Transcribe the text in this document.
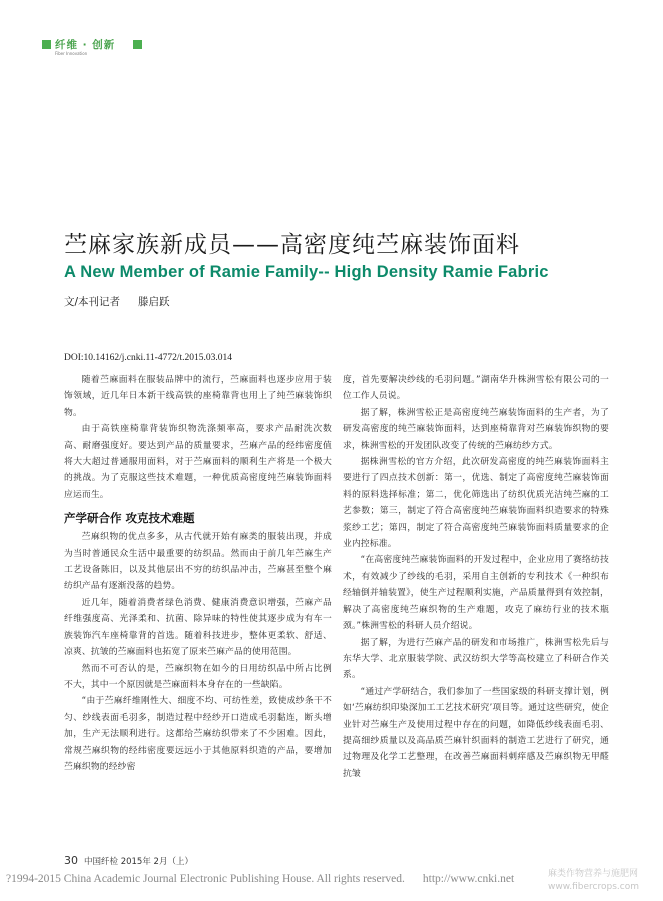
纤维 · 创新
Fiber Innovation
苎麻家族新成员——高密度纯苎麻装饰面料
A New Member of Ramie Family-- High Density Ramie Fabric
文/本刊记者 滕启跃
DOI:10.14162/j.cnki.11-4772/t.2015.03.014

随着苎麻面料在服装品牌中的流行，苎麻面料也逐步应用于装饰领域，近几年日本新干线高铁的座椅靠背也用上了纯苎麻装饰织物。

由于高铁座椅靠背装饰织物洗涤频率高，要求产品耐洗次数高、耐磨强度好。要达到产品的质量要求，苎麻产品的经纬密度值将大大超过普通服用面料，对于苎麻面料的顺利生产将是一个极大的挑战。为了克服这些技术难题，一种优质高密度纯苎麻装饰面料应运而生。

产学研合作 攻克技术难题

苎麻织物的优点多多，从古代就开始有麻类的服装出现，并成为当时普通民众生活中最重要的纺织品。然而由于前几年苎麻生产工艺设备陈旧，以及其他层出不穷的纺织品冲击，苎麻甚至整个麻纺织产品有逐渐没落的趋势。

近几年，随着消费者绿色消费、健康消费意识增强，苎麻产品纤维强度高、光泽柔和、抗菌、除异味的特性使其逐步成为有车一族装饰汽车座椅靠背的首选。随着科技进步，整体更柔软、舒适、凉爽、抗皱的苎麻面料也拓宽了原来苎麻产品的使用范围。

然而不可否认的是，苎麻织物在如今的日用纺织品中所占比例不大，其中一个原因就是苎麻面料本身存在的一些缺陷。

“由于苎麻纤维刚性大、细度不均、可纺性差，致使成纱条干不匀、纱线表面毛羽多，制造过程中经纱开口造成毛羽黏连，断头增加，生产无法顺利进行。这都给苎麻纺织带来了不少困难。因此，常规苎麻织物的经纬密度要远远小于其他原料织造的产品，要增加苎麻织物的经纱密

度，首先要解决纱线的毛羽问题。”湖南华升株洲雪松有限公司的一位工作人员说。

据了解，株洲雪松正是高密度纯苎麻装饰面料的生产者，为了研发高密度的纯苎麻装饰面料，达到座椅靠背对苎麻装饰织物的要求，株洲雪松的开发团队改变了传统的苎麻纺纱方式。

据株洲雪松的官方介绍，此次研发高密度的纯苎麻装饰面料主要进行了四点技术创新：第一，优选、制定了高密度纯苎麻装饰面料的原料选择标准；第二，优化筛选出了纺织优质光洁纯苎麻的工艺参数；第三，制定了符合高密度纯苎麻装饰面料织造要求的特殊浆纱工艺；第四，制定了符合高密度纯苎麻装饰面料质量要求的企业内控标准。

“在高密度纯苎麻装饰面料的开发过程中，企业应用了赛络纺技术，有效减少了纱线的毛羽，采用自主创新的专利技术《一种织布经轴倒并轴装置》，使生产过程顺利实施，产品质量得到有效控制，解决了高密度纯苎麻织物的生产难题，攻克了麻纺行业的技术瓶颈。”株洲雪松的科研人员介绍说。

据了解，为进行苎麻产品的研发和市场推广，株洲雪松先后与东华大学、北京服装学院、武汉纺织大学等高校建立了科研合作关系。

“通过产学研结合，我们参加了一些国家级的科研支撑计划，例如‘苎麻纺织印染深加工工艺技术研究’项目等。通过这些研究，使企业针对苎麻生产及使用过程中存在的问题，如降低纱线表面毛羽、提高细纱质量以及高品质苎麻针织面料的制造工艺进行了研究，通过物理及化学工艺整理，在改善苎麻面料刺痒感及苎麻织物无甲醛抗皱

30 中国纤检 2015年 2月（上）
?1994-2015 China Academic Journal Electronic Publishing House. All rights reserved. http://www.cnki.net	麻类作物营养与施肥网
www.fibercrops.com
